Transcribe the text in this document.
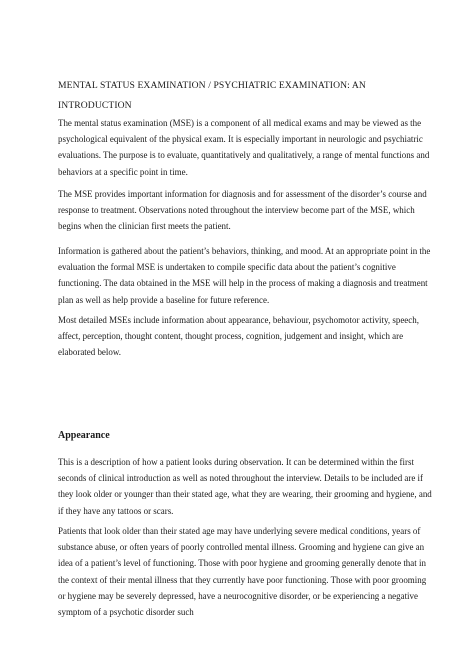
MENTAL STATUS EXAMINATION / PSYCHIATRIC EXAMINATION: AN INTRODUCTION

The mental status examination (MSE) is a component of all medical exams and may be viewed as the psychological equivalent of the physical exam. It is especially important in neurologic and psychiatric evaluations. The purpose is to evaluate, quantitatively and qualitatively, a range of mental functions and behaviors at a specific point in time.

The MSE provides important information for diagnosis and for assessment of the disorder’s course and response to treatment. Observations noted throughout the interview become part of the MSE, which begins when the clinician first meets the patient.

Information is gathered about the patient’s behaviors, thinking, and mood. At an appropriate point in the evaluation the formal MSE is undertaken to compile specific data about the patient’s cognitive functioning. The data obtained in the MSE will help in the process of making a diagnosis and treatment plan as well as help provide a baseline for future reference.

Most detailed MSEs include information about appearance, behaviour, psychomotor activity, speech, affect, perception, thought content, thought process, cognition, judgement and insight, which are elaborated below.

Appearance

This is a description of how a patient looks during observation. It can be determined within the first seconds of clinical introduction as well as noted throughout the interview. Details to be included are if they look older or younger than their stated age, what they are wearing, their grooming and hygiene, and if they have any tattoos or scars.

Patients that look older than their stated age may have underlying severe medical conditions, years of substance abuse, or often years of poorly controlled mental illness. Grooming and hygiene can give an idea of a patient’s level of functioning. Those with poor hygiene and grooming generally denote that in the context of their mental illness that they currently have poor functioning. Those with poor grooming or hygiene may be severely depressed, have a neurocognitive disorder, or be experiencing a negative symptom of a psychotic disorder such
